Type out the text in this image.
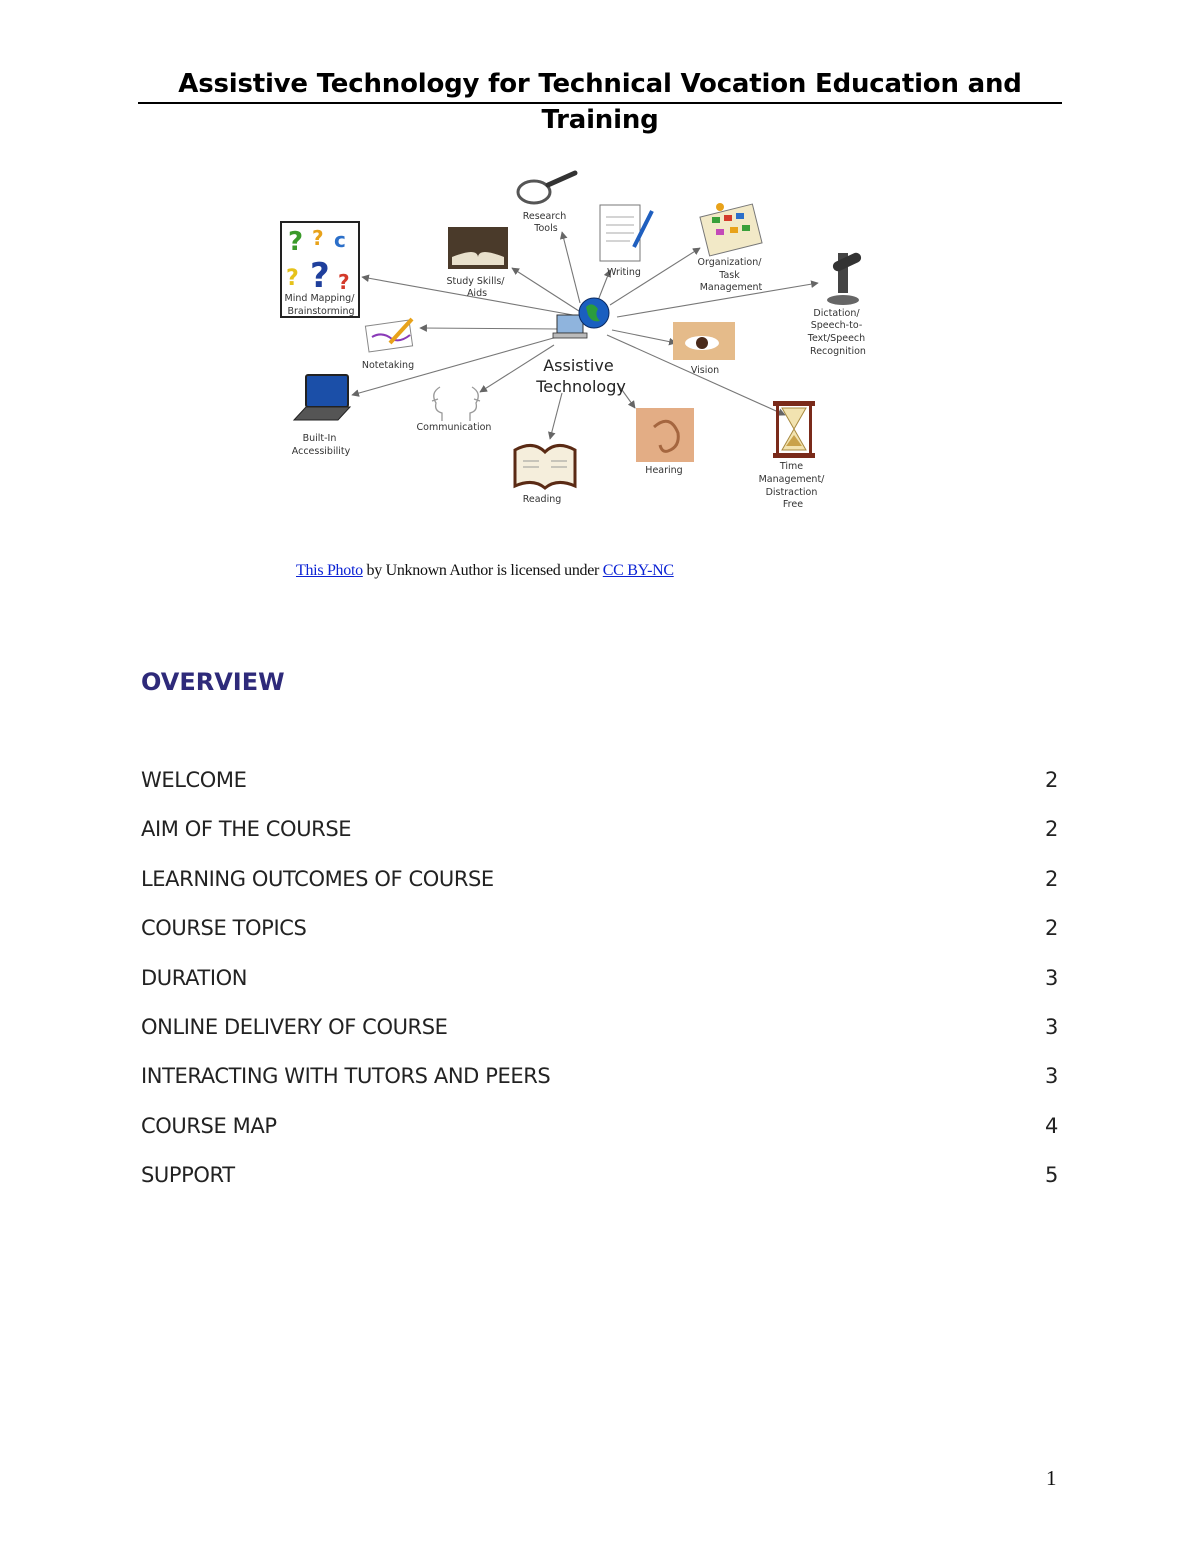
Assistive Technology for Technical Vocation Education and Training
Assistive Technology
? ? c
? ? ?
Mind Mapping/ Brainstorming
Study Skills/ Aids
Research Tools
Writing
Organization/ Task Management
Dictation/ Speech-to- Text/Speech Recognition
Vision
Time Management/ Distraction Free
Hearing
Reading
Communication
Built-In Accessibility
Notetaking
This Photo by Unknown Author is licensed under CC BY-NC
OVERVIEW
WELCOME	2
AIM OF THE COURSE	2
LEARNING OUTCOMES OF COURSE	2
COURSE TOPICS	2
DURATION	3
ONLINE DELIVERY OF COURSE	3
INTERACTING WITH TUTORS AND PEERS	3
COURSE MAP	4
SUPPORT	5
1
